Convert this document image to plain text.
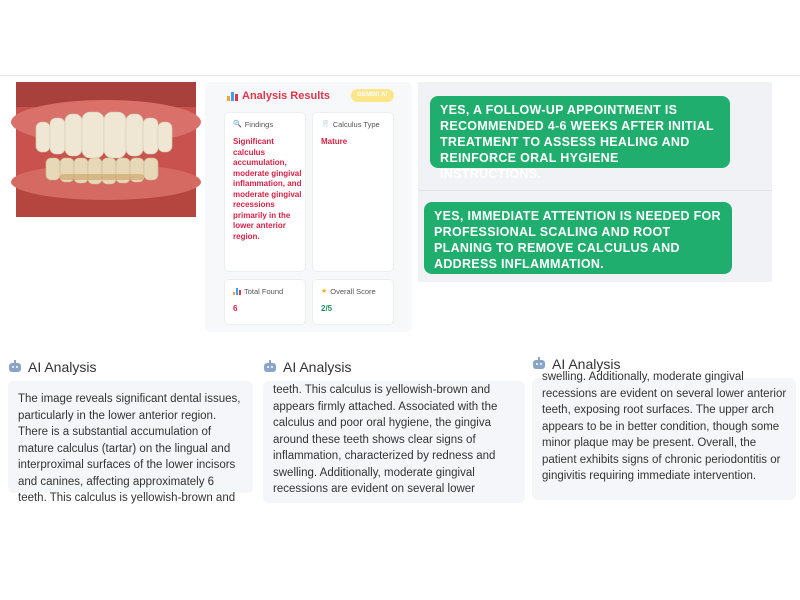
Analysis Results	GEMINI AI
🔍 Findings
Significant calculus accumulation, moderate gingival inflammation, and moderate gingival recessions primarily in the lower anterior region.
🦷 Calculus Type
Mature
Total Found
6
★ Overall Score
2/5
YES, A FOLLOW-UP APPOINTMENT IS RECOMMENDED 4-6 WEEKS AFTER INITIAL TREATMENT TO ASSESS HEALING AND REINFORCE ORAL HYGIENE INSTRUCTIONS.
YES, IMMEDIATE ATTENTION IS NEEDED FOR PROFESSIONAL SCALING AND ROOT PLANING TO REMOVE CALCULUS AND ADDRESS INFLAMMATION.
AI Analysis
The image reveals significant dental issues, particularly in the lower anterior region. There is a substantial accumulation of mature calculus (tartar) on the lingual and interproximal surfaces of the lower incisors and canines, affecting approximately 6 teeth. This calculus is yellowish-brown and
AI Analysis
teeth. This calculus is yellowish-brown and appears firmly attached. Associated with the calculus and poor oral hygiene, the gingiva around these teeth shows clear signs of inflammation, characterized by redness and swelling. Additionally, moderate gingival recessions are evident on several lower
AI Analysis
swelling. Additionally, moderate gingival recessions are evident on several lower anterior teeth, exposing root surfaces. The upper arch appears to be in better condition, though some minor plaque may be present. Overall, the patient exhibits signs of chronic periodontitis or gingivitis requiring immediate intervention.
